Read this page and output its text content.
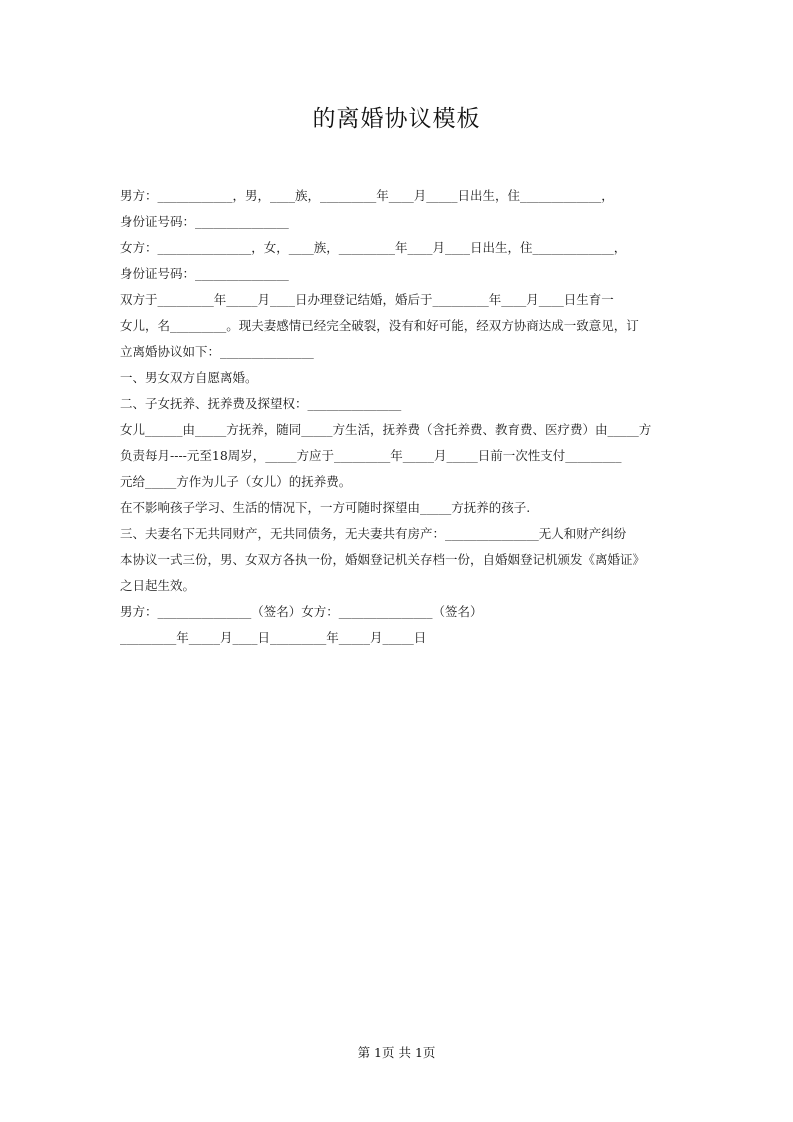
的离婚协议模板
男方：____________，男，____族，_________年____月_____日出生，住_____________，
身份证号码：_______________
女方：_______________，女，____族，_________年____月____日出生，住_____________，
身份证号码：_______________
双方于_________年_____月____日办理登记结婚，婚后于_________年____月____日生育一
女儿，名_________。现夫妻感情已经完全破裂，没有和好可能，经双方协商达成一致意见，订
立离婚协议如下：_______________
一、男女双方自愿离婚。
二、子女抚养、抚养费及探望权：_______________
女儿______由_____方抚养，随同_____方生活，抚养费（含托养费、教育费、医疗费）由_____方
负责每月----元至18周岁，_____方应于_________年_____月_____日前一次性支付_________
元给_____方作为儿子（女儿）的抚养费。
在不影响孩子学习、生活的情况下，一方可随时探望由_____方抚养的孩子.
三、夫妻名下无共同财产，无共同债务，无夫妻共有房产：_______________无人和财产纠纷
本协议一式三份，男、女双方各执一份，婚姻登记机关存档一份，自婚姻登记机颁发《离婚证》
之日起生效。
男方：_______________（签名）女方：_______________（签名）
_________年_____月____日_________年_____月_____日
第 1页 共 1页
